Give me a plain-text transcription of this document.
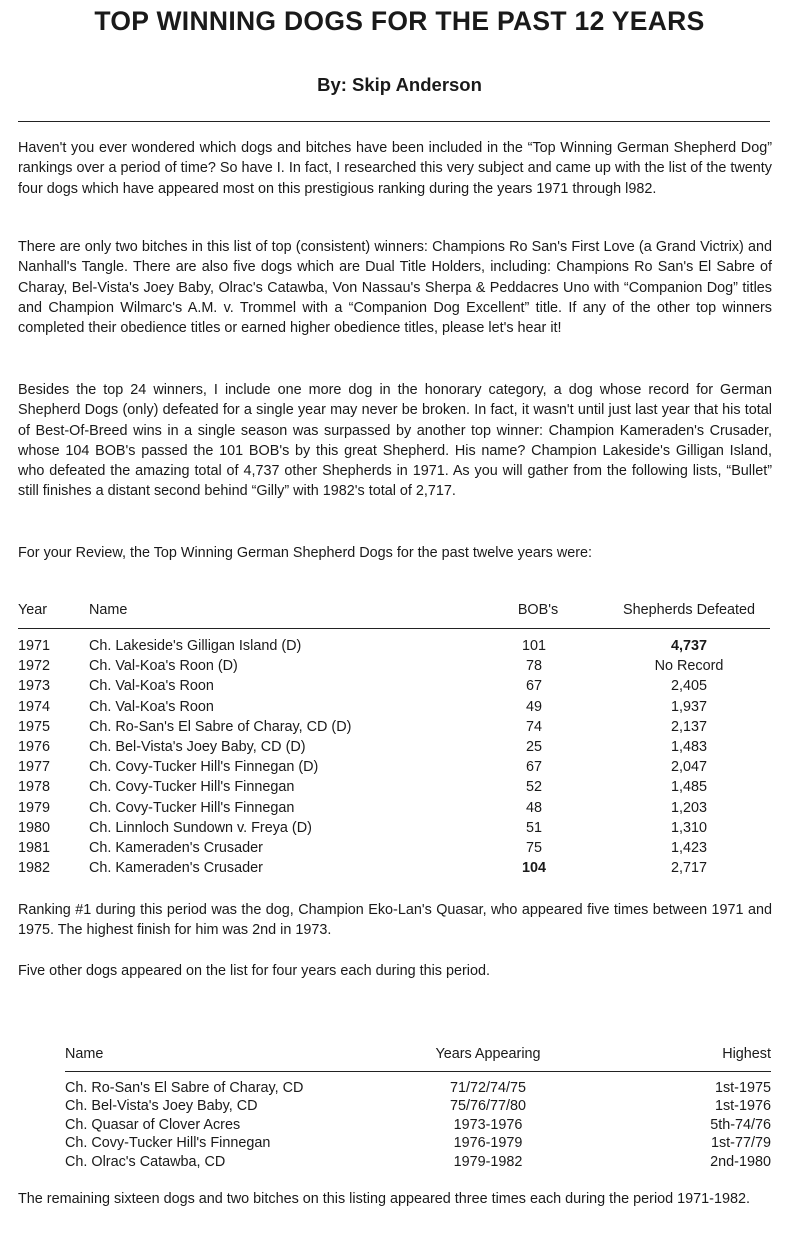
TOP WINNING DOGS FOR THE PAST 12 YEARS
By: Skip Anderson

Haven't you ever wondered which dogs and bitches have been included in the “Top Winning German Shepherd Dog” rankings over a period of time? So have I. In fact, I researched this very subject and came up with the list of the twenty four dogs which have appeared most on this prestigious ranking during the years 1971 through l982.

There are only two bitches in this list of top (consistent) winners: Champions Ro San's First Love (a Grand Victrix) and Nanhall's Tangle. There are also five dogs which are Dual Title Holders, including: Champions Ro San's El Sabre of Charay, Bel-Vista's Joey Baby, Olrac's Catawba, Von Nassau's Sherpa & Peddacres Uno with “Companion Dog” titles and Champion Wilmarc's A.M. v. Trommel with a “Companion Dog Excellent” title. If any of the other top winners completed their obedience titles or earned higher obedience titles, please let's hear it!

Besides the top 24 winners, I include one more dog in the honorary category, a dog whose record for German Shepherd Dogs (only) defeated for a single year may never be broken. In fact, it wasn't until just last year that his total of Best-Of-Breed wins in a single season was surpassed by another top winner: Champion Kameraden's Crusader, whose 104 BOB's passed the 101 BOB's by this great Shepherd. His name? Champion Lakeside's Gilligan Island, who defeated the amazing total of 4,737 other Shepherds in 1971. As you will gather from the following lists, “Bullet” still finishes a distant second behind “Gilly” with 1982's total of 2,717.

For your Review, the Top Winning German Shepherd Dogs for the past twelve years were:

Year	Name	BOB's	Shepherds Defeated
1971	Ch. Lakeside's Gilligan Island (D)	101	4,737
1972	Ch. Val-Koa's Roon (D)	78	No Record
1973	Ch. Val-Koa's Roon	67	2,405
1974	Ch. Val-Koa's Roon	49	1,937
1975	Ch. Ro-San's El Sabre of Charay, CD (D)	74	2,137
1976	Ch. Bel-Vista's Joey Baby, CD (D)	25	1,483
1977	Ch. Covy-Tucker Hill's Finnegan (D)	67	2,047
1978	Ch. Covy-Tucker Hill's Finnegan	52	1,485
1979	Ch. Covy-Tucker Hill's Finnegan	48	1,203
1980	Ch. Linnloch Sundown v. Freya (D)	51	1,310
1981	Ch. Kameraden's Crusader	75	1,423
1982	Ch. Kameraden's Crusader	104	2,717

Ranking #1 during this period was the dog, Champion Eko-Lan's Quasar, who appeared five times between 1971 and 1975. The highest finish for him was 2nd in 1973.

Five other dogs appeared on the list for four years each during this period.

Name	Years Appearing	Highest
Ch. Ro-San's El Sabre of Charay, CD	71/72/74/75	1st-1975
Ch. Bel-Vista's Joey Baby, CD	75/76/77/80	1st-1976
Ch. Quasar of Clover Acres	1973-1976	5th-74/76
Ch. Covy-Tucker Hill's Finnegan	1976-1979	1st-77/79
Ch. Olrac's Catawba, CD	1979-1982	2nd-1980

The remaining sixteen dogs and two bitches on this listing appeared three times each during the period 1971-1982.
